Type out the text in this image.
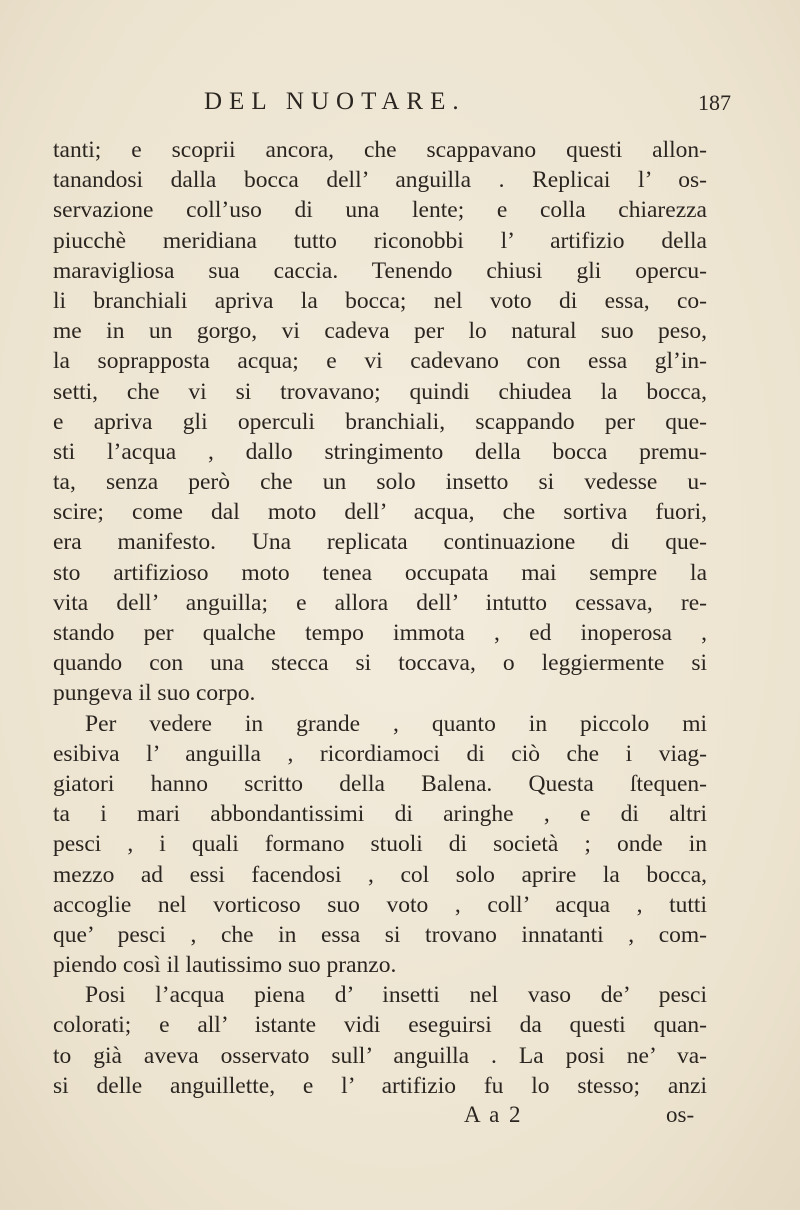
DEL NUOTARE.	187
tanti; e scoprii ancora, che scappavano questi allon-
tanandosi dalla bocca dell’ anguilla . Replicai l’ os-
servazione coll’uso di una lente; e colla chiarezza
piucchè meridiana tutto riconobbi l’ artifizio della
maravigliosa sua caccia. Tenendo chiusi gli opercu-
li branchiali apriva la bocca; nel voto di essa, co-
me in un gorgo, vi cadeva per lo natural suo peso,
la soprapposta acqua; e vi cadevano con essa gl’in-
setti, che vi si trovavano; quindi chiudea la bocca,
e apriva gli operculi branchiali, scappando per que-
sti l’acqua , dallo stringimento della bocca premu-
ta, senza però che un solo insetto si vedesse u-
scire; come dal moto dell’ acqua, che sortiva fuori,
era manifesto. Una replicata continuazione di que-
sto artifizioso moto tenea occupata mai sempre la
vita dell’ anguilla; e allora dell’ intutto cessava, re-
stando per qualche tempo immota , ed inoperosa ,
quando con una stecca si toccava, o leggiermente si
pungeva il suo corpo.
Per vedere in grande , quanto in piccolo mi
esibiva l’ anguilla , ricordiamoci di ciò che i viag-
giatori hanno scritto della Balena. Questa ſtequen-
ta i mari abbondantissimi di aringhe , e di altri
pesci , i quali formano stuoli di società ; onde in
mezzo ad essi facendosi , col solo aprire la bocca,
accoglie nel vorticoso suo voto , coll’ acqua , tutti
que’ pesci , che in essa si trovano innatanti , com-
piendo così il lautissimo suo pranzo.
Posi l’acqua piena d’ insetti nel vaso de’ pesci
colorati; e all’ istante vidi eseguirsi da questi quan-
to già aveva osservato sull’ anguilla . La posi ne’ va-
si delle anguillette, e l’ artifizio fu lo stesso; anzi
A a 2	os-
